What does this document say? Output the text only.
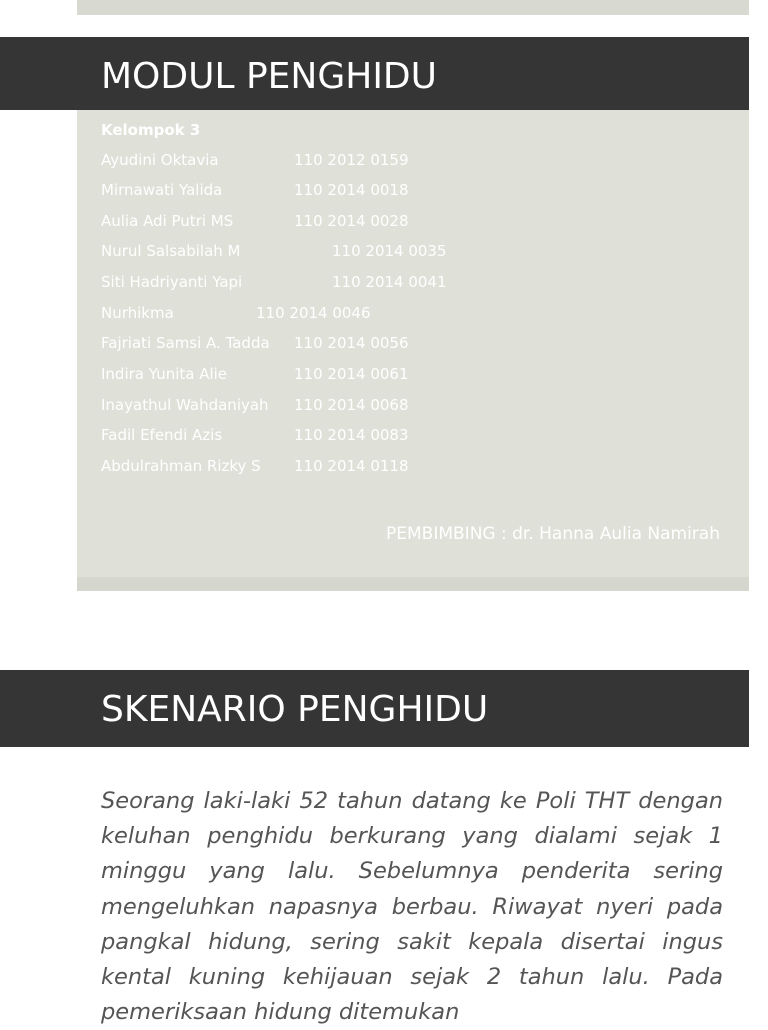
MODUL PENGHIDU
Kelompok 3
Ayudini Oktavia	110 2012 0159
Mirnawati Yalida	110 2014 0018
Aulia Adi Putri MS	110 2014 0028
Nurul Salsabilah M	110 2014 0035
Siti Hadriyanti Yapi	110 2014 0041
Nurhikma	110 2014 0046
Fajriati Samsi A. Tadda 110 2014 0056
Indira Yunita Alie	110 2014 0061
Inayathul Wahdaniyah 110 2014 0068
Fadil Efendi Azis	110 2014 0083
Abdulrahman Rizky S 110 2014 0118
PEMBIMBING : dr. Hanna Aulia Namirah
SKENARIO PENGHIDU

Seorang laki-laki 52 tahun datang ke Poli THT dengan keluhan penghidu berkurang yang dialami sejak 1 minggu yang lalu. Sebelumnya penderita sering mengeluhkan napasnya berbau. Riwayat nyeri pada pangkal hidung, sering sakit kepala disertai ingus kental kuning kehijauan sejak 2 tahun lalu. Pada pemeriksaan hidung ditemukan
